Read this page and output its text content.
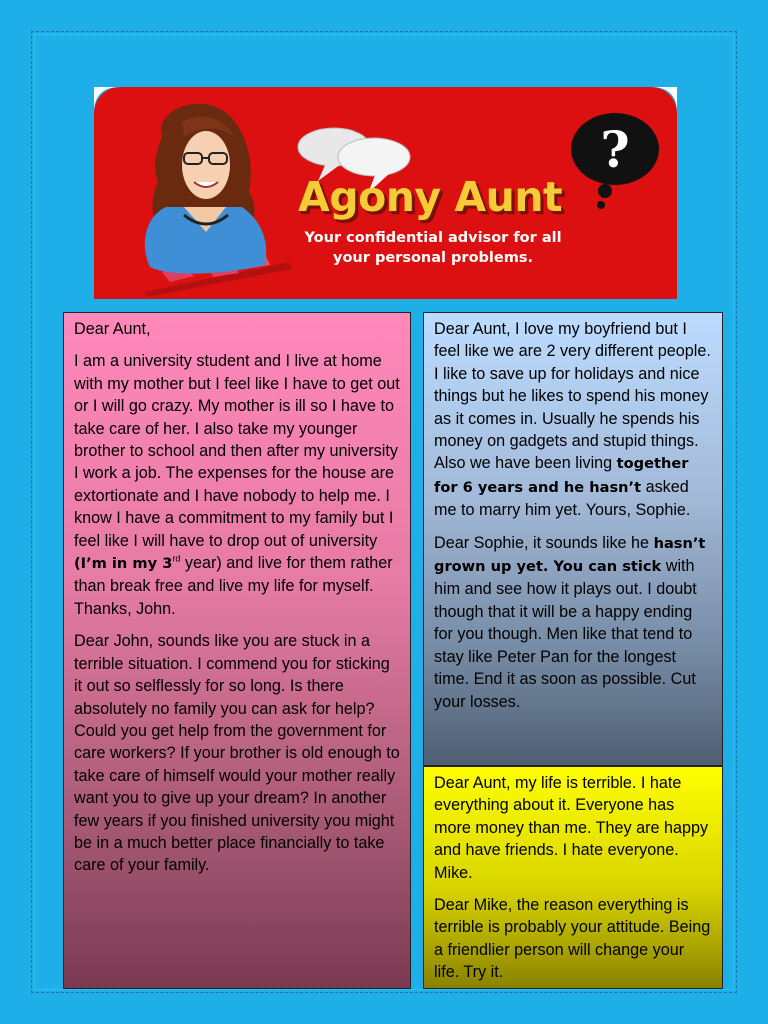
?
Agony Aunt

Your confidential advisor for all your personal problems.

Dear Aunt,

I am a university student and I live at home with my mother but I feel like I have to get out or I will go crazy. My mother is ill so I have to take care of her. I also take my younger brother to school and then after my university I work a job. The expenses for the house are extortionate and I have nobody to help me. I know I have a commitment to my family but I feel like I will have to drop out of university (I’m in my 3rd year) and live for them rather than break free and live my life for myself. Thanks, John.

Dear John, sounds like you are stuck in a terrible situation. I commend you for sticking it out so selflessly for so long. Is there absolutely no family you can ask for help? Could you get help from the government for care workers? If your brother is old enough to take care of himself would your mother really want you to give up your dream? In another few years if you finished university you might be in a much better place financially to take care of your family.

Dear Aunt, I love my boyfriend but I feel like we are 2 very different people. I like to save up for holidays and nice things but he likes to spend his money as it comes in. Usually he spends his money on gadgets and stupid things. Also we have been living together for 6 years and he hasn’t asked me to marry him yet. Yours, Sophie.

Dear Sophie, it sounds like he hasn’t grown up yet. You can stick with him and see how it plays out. I doubt though that it will be a happy ending for you though. Men like that tend to stay like Peter Pan for the longest time. End it as soon as possible. Cut your losses.

Dear Aunt, my life is terrible. I hate everything about it. Everyone has more money than me. They are happy and have friends. I hate everyone. Mike.

Dear Mike, the reason everything is terrible is probably your attitude. Being a friendlier person will change your life. Try it.
